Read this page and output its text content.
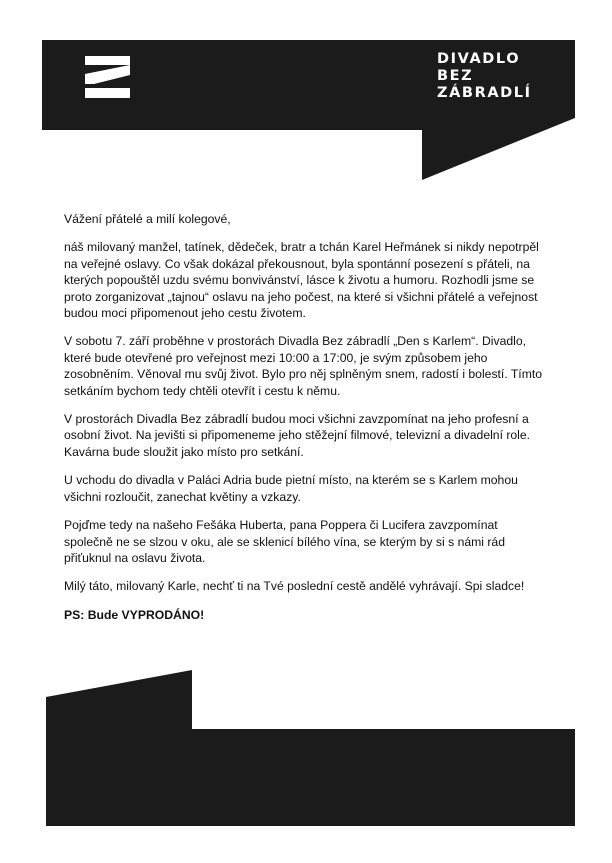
DIVADLO
BEZ
ZÁBRADLÍ

Vážení přátelé a milí kolegové,

náš milovaný manžel, tatínek, dědeček, bratr a tchán Karel Heřmánek si nikdy nepotrpěl na veřejné oslavy. Co však dokázal překousnout, byla spontánní posezení s přáteli, na kterých popouštěl uzdu svému bonvivánství, lásce k životu a humoru. Rozhodli jsme se proto zorganizovat „tajnou“ oslavu na jeho počest, na které si všichni přátelé a veřejnost budou moci připomenout jeho cestu životem.

V sobotu 7. září proběhne v prostorách Divadla Bez zábradlí „Den s Karlem“. Divadlo, které bude otevřené pro veřejnost mezi 10:00 a 17:00, je svým způsobem jeho zosobněním. Věnoval mu svůj život. Bylo pro něj splněným snem, radostí i bolestí. Tímto setkáním bychom tedy chtěli otevřít i cestu k němu.

V prostorách Divadla Bez zábradlí budou moci všichni zavzpomínat na jeho profesní a osobní život. Na jevišti si připomeneme jeho stěžejní filmové, televizní a divadelní role. Kavárna bude sloužit jako místo pro setkání.

U vchodu do divadla v Paláci Adria bude pietní místo, na kterém se s Karlem mohou všichni rozloučit, zanechat květiny a vzkazy.

Pojďme tedy na našeho Fešáka Huberta, pana Poppera či Lucifera zavzpomínat společně ne se slzou v oku, ale se sklenicí bílého vína, se kterým by si s námi rád přiťuknul na oslavu života.

Milý táto, milovaný Karle, nechť ti na Tvé poslední cestě andělé vyhrávají. Spi sladce!

PS: Bude VYPRODÁNO!
